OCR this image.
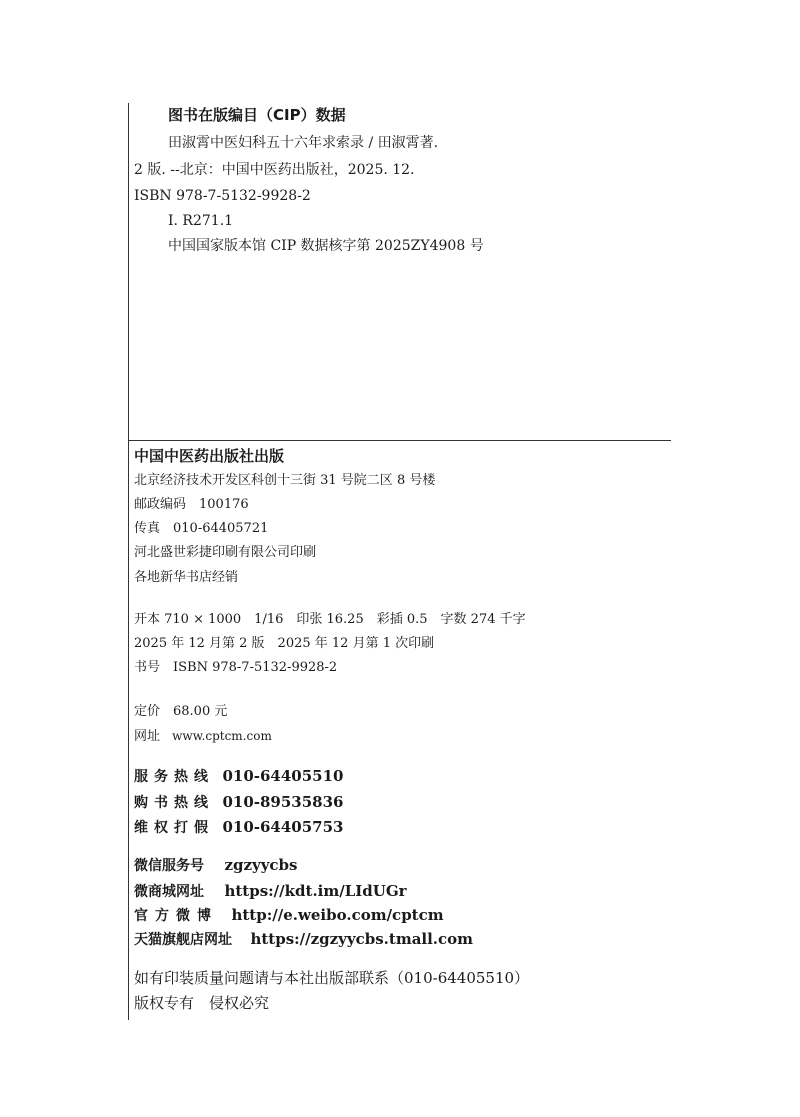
图书在版编目（CIP）数据
田淑霄中医妇科五十六年求索录 / 田淑霄著.
2 版. --北京：中国中医药出版社，2025. 12.
ISBN 978-7-5132-9928-2
Ⅰ. R271.1
中国国家版本馆 CIP 数据核字第 2025ZY4908 号
中国中医药出版社出版
北京经济技术开发区科创十三街 31 号院二区 8 号楼
邮政编码　100176
传真　010-64405721
河北盛世彩捷印刷有限公司印刷
各地新华书店经销
开本 710 × 1000　1/16　印张 16.25　彩插 0.5　字数 274 千字
2025 年 12 月第 2 版　2025 年 12 月第 1 次印刷
书号　ISBN 978-7-5132-9928-2
定价　68.00 元
网址 www.cptcm.com
服务热线 010-64405510
购书热线 010-89535836
维权打假 010-64405753
微信服务号 zgzyycbs
微商城网址 https://kdt.im/LIdUGr
官方微博 http://e.weibo.com/cptcm
天猫旗舰店网址 https://zgzyycbs.tmall.com
如有印装质量问题请与本社出版部联系（010-64405510）
版权专有　侵权必究
